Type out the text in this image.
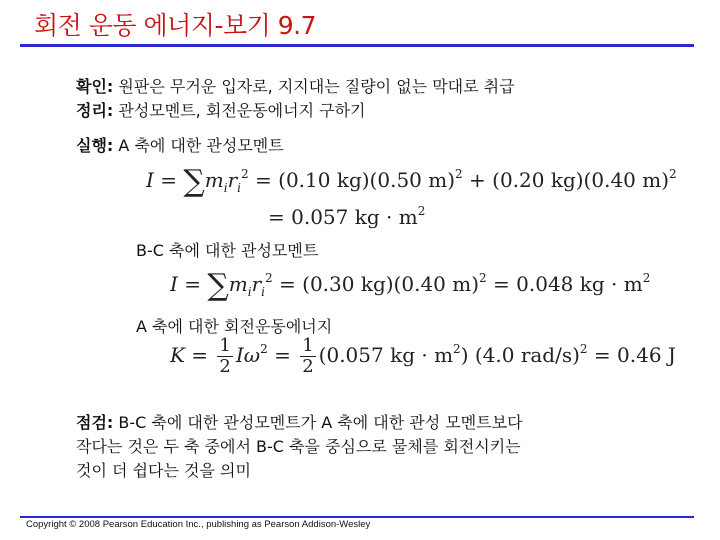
회전 운동 에너지-보기 9.7
확인: 원판은 무거운 입자로, 지지대는 질량이 없는 막대로 취급
정리: 관성모멘트, 회전운동에너지 구하기
실행: A 축에 대한 관성모멘트
$I = \sum m_ir_i^2 = (0.10$ kg)(0.50 m)$^2$ + (0.20 kg)(0.40 m)$^2$
= 0.057 kg · $m^2$
B-C 축에 대한 관성모멘트
$I = \sum m_ir_i^2 = (0.30$ kg)(0.40 m)$^2$ = 0.048 kg · $m^2$
A 축에 대한 회전운동에너지
$K = \frac{1}{2} I\omega^2 = \frac{1}{2} (0.057$ kg · $m^2$) (4.0 rad/s)$^2$ = 0.46 J
점검: B-C 축에 대한 관성모멘트가 A 축에 대한 관성 모멘트보다
작다는 것은 두 축 중에서 B-C 축을 중심으로 물체를 회전시키는
것이 더 쉽다는 것을 의미
Copyright © 2008 Pearson Education Inc., publishing as Pearson Addison-Wesley
